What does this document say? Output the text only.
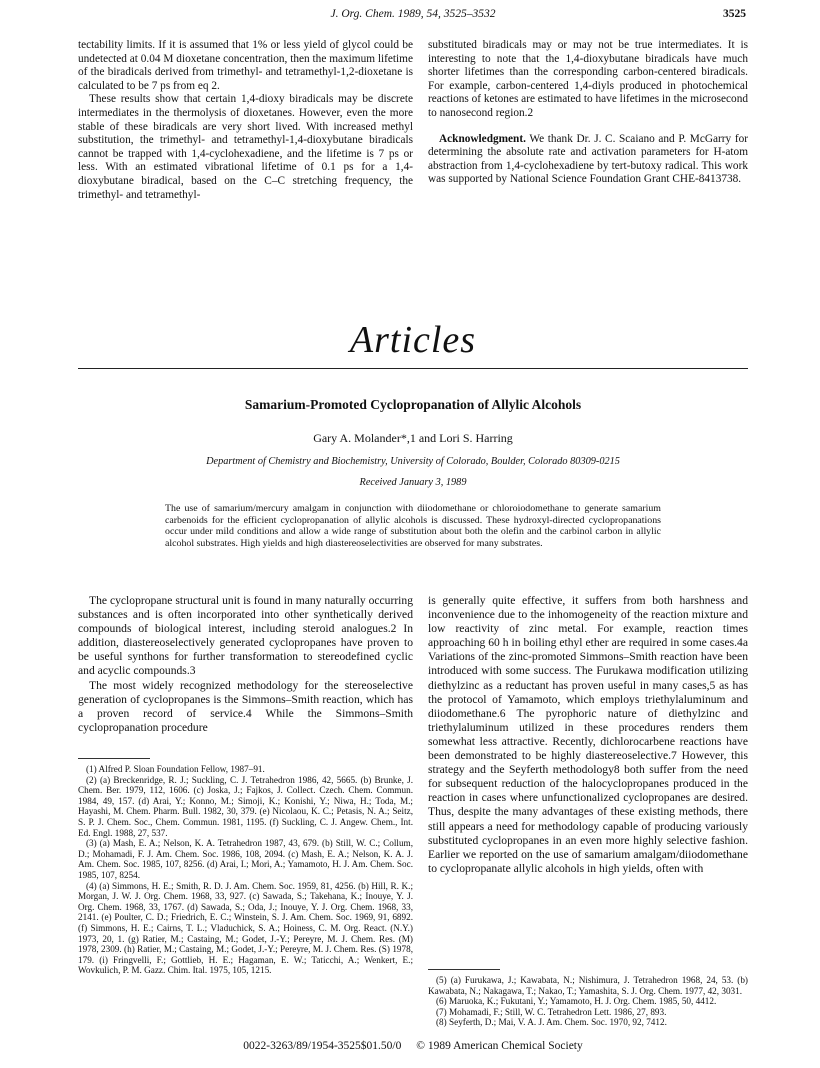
J. Org. Chem. 1989, 54, 3525–3532	3525

tectability limits. If it is assumed that 1% or less yield of glycol could be undetected at 0.04 M dioxetane concentration, then the maximum lifetime of the biradicals derived from trimethyl- and tetramethyl-1,2-dioxetane is calculated to be 7 ps from eq 2.

These results show that certain 1,4-dioxy biradicals may be discrete intermediates in the thermolysis of dioxetanes. However, even the more stable of these biradicals are very short lived. With increased methyl substitution, the trimethyl- and tetramethyl-1,4-dioxybutane biradicals cannot be trapped with 1,4-cyclohexadiene, and the lifetime is 7 ps or less. With an estimated vibrational lifetime of 0.1 ps for a 1,4-dioxybutane biradical, based on the C–C stretching frequency, the trimethyl- and tetramethyl-

substituted biradicals may or may not be true intermediates. It is interesting to note that the 1,4-dioxybutane biradicals have much shorter lifetimes than the corresponding carbon-centered biradicals. For example, carbon-centered 1,4-diyls produced in photochemical reactions of ketones are estimated to have lifetimes in the microsecond to nanosecond region.2

Acknowledgment. We thank Dr. J. C. Scaiano and P. McGarry for determining the absolute rate and activation parameters for H-atom abstraction from 1,4-cyclohexadiene by tert-butoxy radical. This work was supported by National Science Foundation Grant CHE-8413738.

Articles
Samarium-Promoted Cyclopropanation of Allylic Alcohols
Gary A. Molander*,1 and Lori S. Harring
Department of Chemistry and Biochemistry, University of Colorado, Boulder, Colorado 80309-0215
Received January 3, 1989
The use of samarium/mercury amalgam in conjunction with diiodomethane or chloroiodomethane to generate samarium carbenoids for the efficient cyclopropanation of allylic alcohols is discussed. These hydroxyl-directed cyclopropanations occur under mild conditions and allow a wide range of substitution about both the olefin and the carbinol carbon in allylic alcohol substrates. High yields and high diastereoselectivities are observed for many substrates.

The cyclopropane structural unit is found in many naturally occurring substances and is often incorporated into other synthetically derived compounds of biological interest, including steroid analogues.2 In addition, diastereoselectively generated cyclopropanes have proven to be useful synthons for further transformation to stereodefined cyclic and acyclic compounds.3

The most widely recognized methodology for the stereoselective generation of cyclopropanes is the Simmons–Smith reaction, which has a proven record of service.4 While the Simmons–Smith cyclopropanation procedure

is generally quite effective, it suffers from both harshness and inconvenience due to the inhomogeneity of the reaction mixture and low reactivity of zinc metal. For example, reaction times approaching 60 h in boiling ethyl ether are required in some cases.4a Variations of the zinc-promoted Simmons–Smith reaction have been introduced with some success. The Furukawa modification utilizing diethylzinc as a reductant has proven useful in many cases,5 as has the protocol of Yamamoto, which employs triethylaluminum and diiodomethane.6 The pyrophoric nature of diethylzinc and triethylaluminum utilized in these procedures renders them somewhat less attractive. Recently, dichlorocarbene reactions have been demonstrated to be highly diastereoselective.7 However, this strategy and the Seyferth methodology8 both suffer from the need for subsequent reduction of the halocyclopropanes produced in the reaction in cases where unfunctionalized cyclopropanes are desired. Thus, despite the many advantages of these existing methods, there still appears a need for methodology capable of producing variously substituted cyclopropanes in an even more highly selective fashion. Earlier we reported on the use of samarium amalgam/diiodomethane to cyclopropanate allylic alcohols in high yields, often with

(1) Alfred P. Sloan Foundation Fellow, 1987–91.

(2) (a) Breckenridge, R. J.; Suckling, C. J. Tetrahedron 1986, 42, 5665. (b) Brunke, J. Chem. Ber. 1979, 112, 1606. (c) Joska, J.; Fajkos, J. Collect. Czech. Chem. Commun. 1984, 49, 157. (d) Arai, Y.; Konno, M.; Simoji, K.; Konishi, Y.; Niwa, H.; Toda, M.; Hayashi, M. Chem. Pharm. Bull. 1982, 30, 379. (e) Nicolaou, K. C.; Petasis, N. A.; Seitz, S. P. J. Chem. Soc., Chem. Commun. 1981, 1195. (f) Suckling, C. J. Angew. Chem., Int. Ed. Engl. 1988, 27, 537.

(3) (a) Mash, E. A.; Nelson, K. A. Tetrahedron 1987, 43, 679. (b) Still, W. C.; Collum, D.; Mohamadi, F. J. Am. Chem. Soc. 1986, 108, 2094. (c) Mash, E. A.; Nelson, K. A. J. Am. Chem. Soc. 1985, 107, 8256. (d) Arai, I.; Mori, A.; Yamamoto, H. J. Am. Chem. Soc. 1985, 107, 8254.

(4) (a) Simmons, H. E.; Smith, R. D. J. Am. Chem. Soc. 1959, 81, 4256. (b) Hill, R. K.; Morgan, J. W. J. Org. Chem. 1968, 33, 927. (c) Sawada, S.; Takehana, K.; Inouye, Y. J. Org. Chem. 1968, 33, 1767. (d) Sawada, S.; Oda, J.; Inouye, Y. J. Org. Chem. 1968, 33, 2141. (e) Poulter, C. D.; Friedrich, E. C.; Winstein, S. J. Am. Chem. Soc. 1969, 91, 6892. (f) Simmons, H. E.; Cairns, T. L.; Vladuchick, S. A.; Hoiness, C. M. Org. React. (N.Y.) 1973, 20, 1. (g) Ratier, M.; Castaing, M.; Godet, J.-Y.; Pereyre, M. J. Chem. Res. (M) 1978, 2309. (h) Ratier, M.; Castaing, M.; Godet, J.-Y.; Pereyre, M. J. Chem. Res. (S) 1978, 179. (i) Fringvelli, F.; Gottlieb, H. E.; Hagaman, E. W.; Taticchi, A.; Wenkert, E.; Wovkulich, P. M. Gazz. Chim. Ital. 1975, 105, 1215.

(5) (a) Furukawa, J.; Kawabata, N.; Nishimura, J. Tetrahedron 1968, 24, 53. (b) Kawabata, N.; Nakagawa, T.; Nakao, T.; Yamashita, S. J. Org. Chem. 1977, 42, 3031.

(6) Maruoka, K.; Fukutani, Y.; Yamamoto, H. J. Org. Chem. 1985, 50, 4412.

(7) Mohamadi, F.; Still, W. C. Tetrahedron Lett. 1986, 27, 893.

(8) Seyferth, D.; Mai, V. A. J. Am. Chem. Soc. 1970, 92, 7412.

0022-3263/89/1954-3525$01.50/0 © 1989 American Chemical Society
